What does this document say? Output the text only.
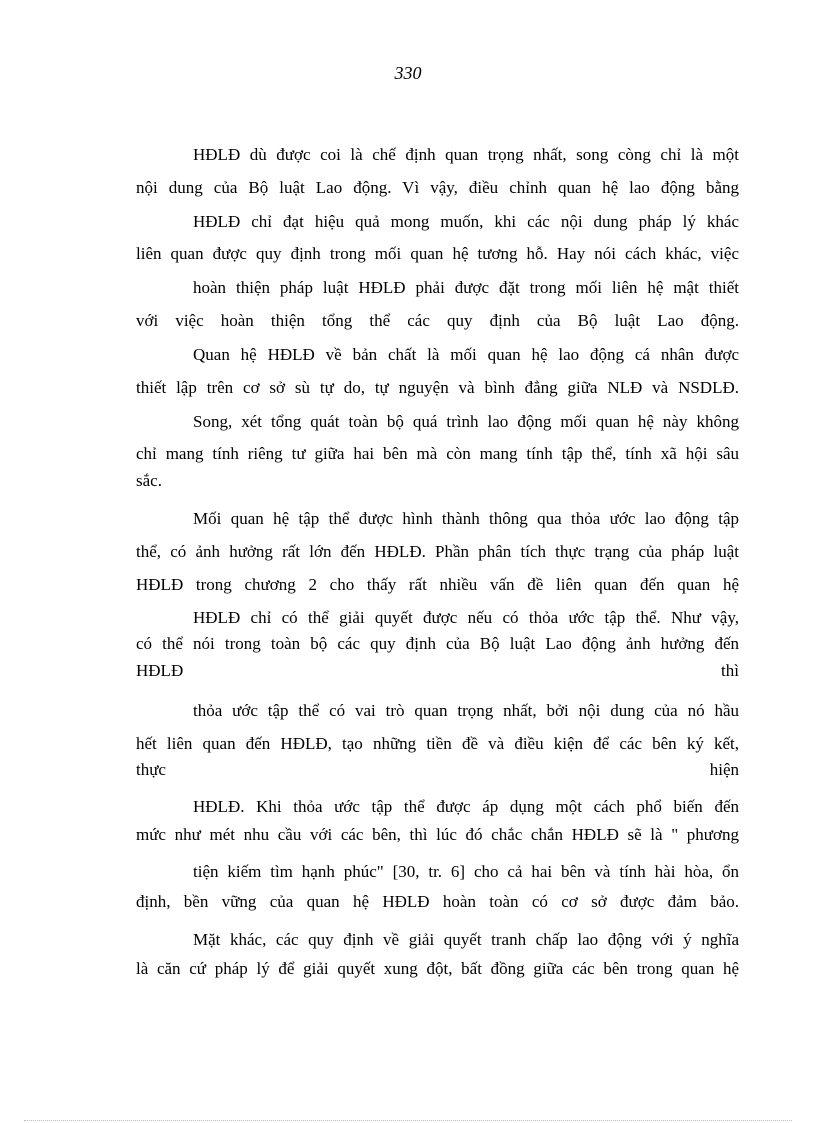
330
HĐLĐ dù được coi là chế định quan trọng nhất, song còng chỉ là một
nội dung của Bộ luật Lao động. Vì vậy, điều chỉnh quan hệ lao động bằng
HĐLĐ chỉ đạt hiệu quả mong muốn, khi các nội dung pháp lý khác
liên quan được quy định trong mối quan hệ tương hỗ. Hay nói cách khác, việc
hoàn thiện pháp luật HĐLĐ phải được đặt trong mối liên hệ mật thiết
với việc hoàn thiện tổng thể các quy định của Bộ luật Lao động.
Quan hệ HĐLĐ về bản chất là mối quan hệ lao động cá nhân được
thiết lập trên cơ sở sù tự do, tự nguyện và bình đẳng giữa NLĐ và NSDLĐ.
Song, xét tổng quát toàn bộ quá trình lao động mối quan hệ này không
chỉ mang tính riêng tư giữa hai bên mà còn mang tính tập thể, tính xã hội sâu
sắc.
Mối quan hệ tập thể được hình thành thông qua thỏa ước lao động tập
thể, có ảnh hưởng rất lớn đến HĐLĐ. Phần phân tích thực trạng của pháp luật
HĐLĐ trong chương 2 cho thấy rất nhiều vấn đề liên quan đến quan hệ
HĐLĐ chỉ có thể giải quyết được nếu có thỏa ước tập thể. Như vậy,
có thể nói trong toàn bộ các quy định của Bộ luật Lao động ảnh hưởng đến
HĐLĐ thì
thỏa ước tập thể có vai trò quan trọng nhất, bởi nội dung của nó hầu
hết liên quan đến HĐLĐ, tạo những tiền đề và điều kiện để các bên ký kết,
thực hiện
HĐLĐ. Khi thỏa ước tập thể được áp dụng một cách phổ biến đến
mức như mét nhu cầu với các bên, thì lúc đó chắc chắn HĐLĐ sẽ là " phương
tiện kiếm tìm hạnh phúc" [30, tr. 6] cho cả hai bên và tính hài hòa, ổn
định, bền vững của quan hệ HĐLĐ hoàn toàn có cơ sở được đảm bảo.
Mặt khác, các quy định về giải quyết tranh chấp lao động với ý nghĩa
là căn cứ pháp lý để giải quyết xung đột, bất đồng giữa các bên trong quan hệ
